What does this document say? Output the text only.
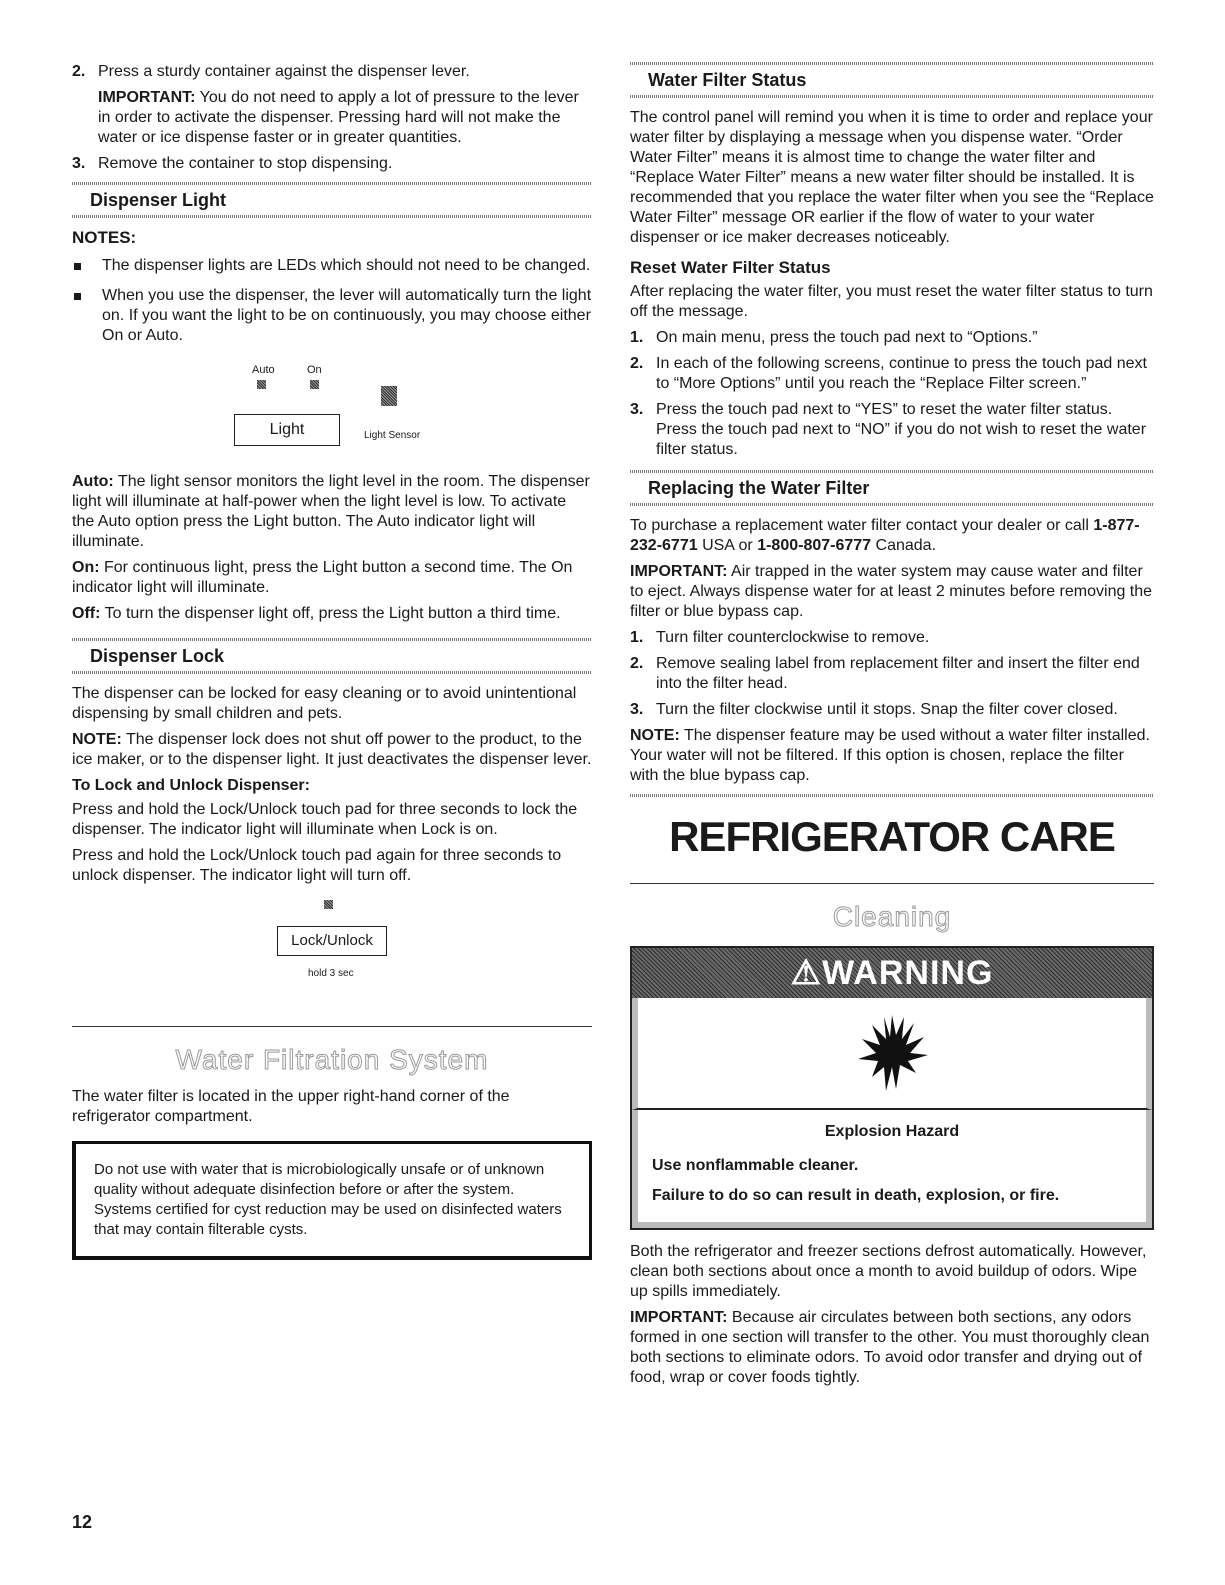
2. Press a sturdy container against the dispenser lever.

IMPORTANT: You do not need to apply a lot of pressure to the lever in order to activate the dispenser. Pressing hard will not make the water or ice dispense faster or in greater quantities.

3. Remove the container to stop dispensing.

Dispenser Light
NOTES:
The dispenser lights are LEDs which should not need to be changed.
When you use the dispenser, the lever will automatically turn the light on. If you want the light to be on continuously, you may choose either On or Auto.
Auto	On
Light	Light Sensor

Auto: The light sensor monitors the light level in the room. The dispenser light will illuminate at half-power when the light level is low. To activate the Auto option press the Light button. The Auto indicator light will illuminate.

On: For continuous light, press the Light button a second time. The On indicator light will illuminate.

Off: To turn the dispenser light off, press the Light button a third time.

Dispenser Lock

The dispenser can be locked for easy cleaning or to avoid unintentional dispensing by small children and pets.

NOTE: The dispenser lock does not shut off power to the product, to the ice maker, or to the dispenser light. It just deactivates the dispenser lever.

To Lock and Unlock Dispenser:

Press and hold the Lock/Unlock touch pad for three seconds to lock the dispenser. The indicator light will illuminate when Lock is on.

Press and hold the Lock/Unlock touch pad again for three seconds to unlock dispenser. The indicator light will turn off.

Lock/Unlock
hold 3 sec
Water Filtration System

The water filter is located in the upper right-hand corner of the refrigerator compartment.

Do not use with water that is microbiologically unsafe or of unknown quality without adequate disinfection before or after the system. Systems certified for cyst reduction may be used on disinfected waters that may contain filterable cysts.
12
Water Filter Status

The control panel will remind you when it is time to order and replace your water filter by displaying a message when you dispense water. “Order Water Filter” means it is almost time to change the water filter and “Replace Water Filter” means a new water filter should be installed. It is recommended that you replace the water filter when you see the “Replace Water Filter” message OR earlier if the flow of water to your water dispenser or ice maker decreases noticeably.

Reset Water Filter Status

After replacing the water filter, you must reset the water filter status to turn off the message.

1. On main menu, press the touch pad next to “Options.”
2. In each of the following screens, continue to press the touch pad next to “More Options” until you reach the “Replace Filter screen.”
3. Press the touch pad next to “YES” to reset the water filter status. Press the touch pad next to “NO” if you do not wish to reset the water filter status.
Replacing the Water Filter

To purchase a replacement water filter contact your dealer or call 1-877-232-6771 USA or 1-800-807-6777 Canada.

IMPORTANT: Air trapped in the water system may cause water and filter to eject. Always dispense water for at least 2 minutes before removing the filter or blue bypass cap.

1. Turn filter counterclockwise to remove.
2. Remove sealing label from replacement filter and insert the filter end into the filter head.
3. Turn the filter clockwise until it stops. Snap the filter cover closed.

NOTE: The dispenser feature may be used without a water filter installed. Your water will not be filtered. If this option is chosen, replace the filter with the blue bypass cap.

REFRIGERATOR CARE
Cleaning
⚠WARNING
Explosion Hazard
Use nonflammable cleaner.
Failure to do so can result in death, explosion, or fire.

Both the refrigerator and freezer sections defrost automatically. However, clean both sections about once a month to avoid buildup of odors. Wipe up spills immediately.

IMPORTANT: Because air circulates between both sections, any odors formed in one section will transfer to the other. You must thoroughly clean both sections to eliminate odors. To avoid odor transfer and drying out of food, wrap or cover foods tightly.
